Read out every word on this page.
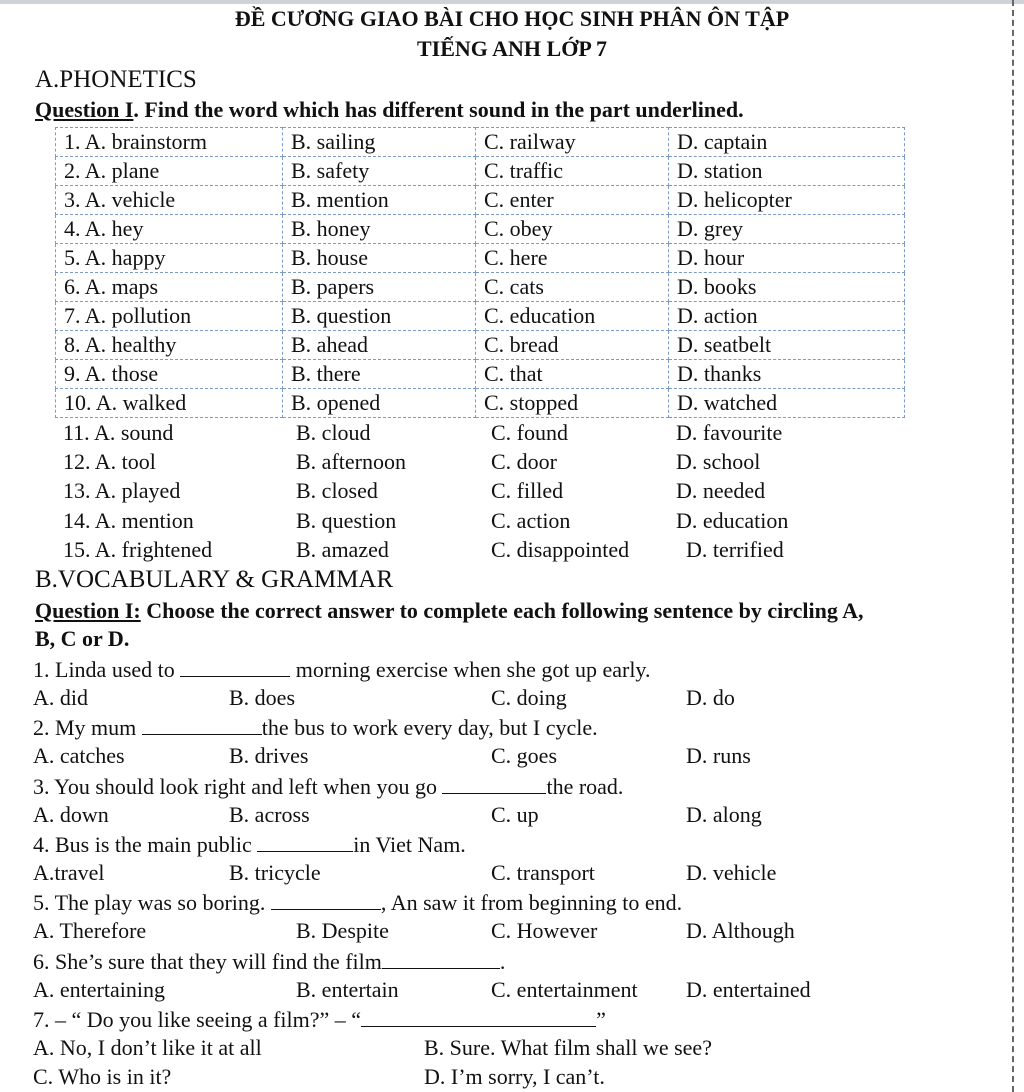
ĐỀ CƯƠNG GIAO BÀI CHO HỌC SINH PHÂN ÔN TẬP
TIẾNG ANH LỚP 7
A.PHONETICS
Question I. Find the word which has different sound in the part underlined.
1. A. brainstorm	B. sailing	C. railway	D. captain
2. A. plane	B. safety	C. traffic	D. station
3. A. vehicle	B. mention	C. enter	D. helicopter
4. A. hey	B. honey	C. obey	D. grey
5. A. happy	B. house	C. here	D. hour
6. A. maps	B. papers	C. cats	D. books
7. A. pollution	B. question	C. education	D. action
8. A. healthy	B. ahead	C. bread	D. seatbelt
9. A. those	B. there	C. that	D. thanks
10. A. walked	B. opened	C. stopped	D. watched
11. A. sound	B. cloud	C. found	D. favourite
12. A. tool	B. afternoon	C. door	D. school
13. A. played	B. closed	C. filled	D. needed
14. A. mention	B. question	C. action	D. education
15. A. frightened	B. amazed	C. disappointed	D. terrified
B.VOCABULARY & GRAMMAR
Question I: Choose the correct answer to complete each following sentence by circling A,
B, C or D.
1. Linda used to	morning exercise when she got up early.
A. did	B. does	C. doing	D. do
2. My mum	the bus to work every day, but I cycle.
A. catches	B. drives	C. goes	D. runs
3. You should look right and left when you go	the road.
A. down	B. across	C. up	D. along
4. Bus is the main public	in Viet Nam.
A.travel	B. tricycle	C. transport	D. vehicle
5. The play was so boring.	, An saw it from beginning to end.
A. Therefore	B. Despite	C. However	D. Although
6. She’s sure that they will find the film	.
A. entertaining	B. entertain	C. entertainment D. entertained
7. – “ Do you like seeing a film?” – “	”
A. No, I don’t like it at all	B. Sure. What film shall we see?
C. Who is in it?	D. I’m sorry, I can’t.
